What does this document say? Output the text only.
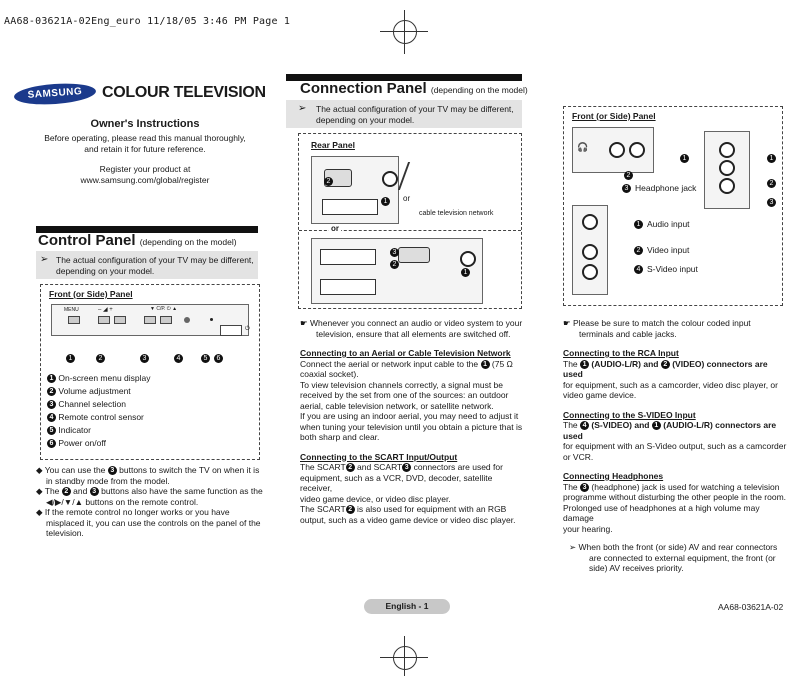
AA68-03621A-02Eng_euro 11/18/05 3:46 PM Page 1
SAMSUNG	COLOUR TELEVISION
Owner's Instructions
Before operating, please read this manual thoroughly,
and retain it for future reference.
Register your product at
www.samsung.com/global/register
Control Panel (depending on the model)
➢ The actual configuration of your TV may be different,
depending on your model.
Front (or Side) Panel
MENU	– ◢ +	▼ C/P. ⏻ ▲
⏻
1	2	3	4	5	6
1 On-screen menu display
2 Volume adjustment
3 Channel selection
4 Remote control sensor
5 Indicator
6 Power on/off
◆ You can use the 3 buttons to switch the TV on when it is
in standby mode from the model.
◆ The 2 and 3 buttons also have the same function as the
◀/▶/▼/▲ buttons on the remote control.
◆ If the remote control no longer works or you have
misplaced it, you can use the controls on the panel of the
television.
Connection Panel (depending on the model)
➢ The actual configuration of your TV may be different,
depending on your model.
Rear Panel
2
1	or
cable television network
or
3
2
1
☛ Whenever you connect an audio or video system to your
television, ensure that all elements are switched off.
Connecting to an Aerial or Cable Television Network
Connect the aerial or network input cable to the 1 (75 Ω
coaxial socket).
To view television channels correctly, a signal must be
received by the set from one of the sources: an outdoor
aerial, cable television network, or satellite network.
If you are using an indoor aerial, you may need to adjust it
when tuning your television until you obtain a picture that is
both sharp and clear.
Connecting to the SCART Input/Output
The SCART 2 and SCART 3 connectors are used for
equipment, such as a VCR, DVD, decoder, satellite receiver,
video game device, or video disc player.
The SCART 2 is also used for equipment with an RGB
output, such as a video game device or video disc player.
Front (or Side) Panel
🎧
1
2
3 Headphone jack
1
2
3
1 Audio input
2 Video input
4 S-Video input
☛ Please be sure to match the colour coded input
terminals and cable jacks.
Connecting to the RCA Input
The 1 (AUDIO-L/R) and 2 (VIDEO) connectors are used
for equipment, such as a camcorder, video disc player, or
video game device.
Connecting to the S-VIDEO Input
The 4 (S-VIDEO) and 1 (AUDIO-L/R) connectors are used
for equipment with an S-Video output, such as a camcorder
or VCR.
Connecting Headphones
The 3 (headphone) jack is used for watching a television
programme without disturbing the other people in the room.
Prolonged use of headphones at a high volume may damage
your hearing.
➢ When both the front (or side) AV and rear connectors
are connected to external equipment, the front (or
side) AV receives priority.
English - 1	AA68-03621A-02
